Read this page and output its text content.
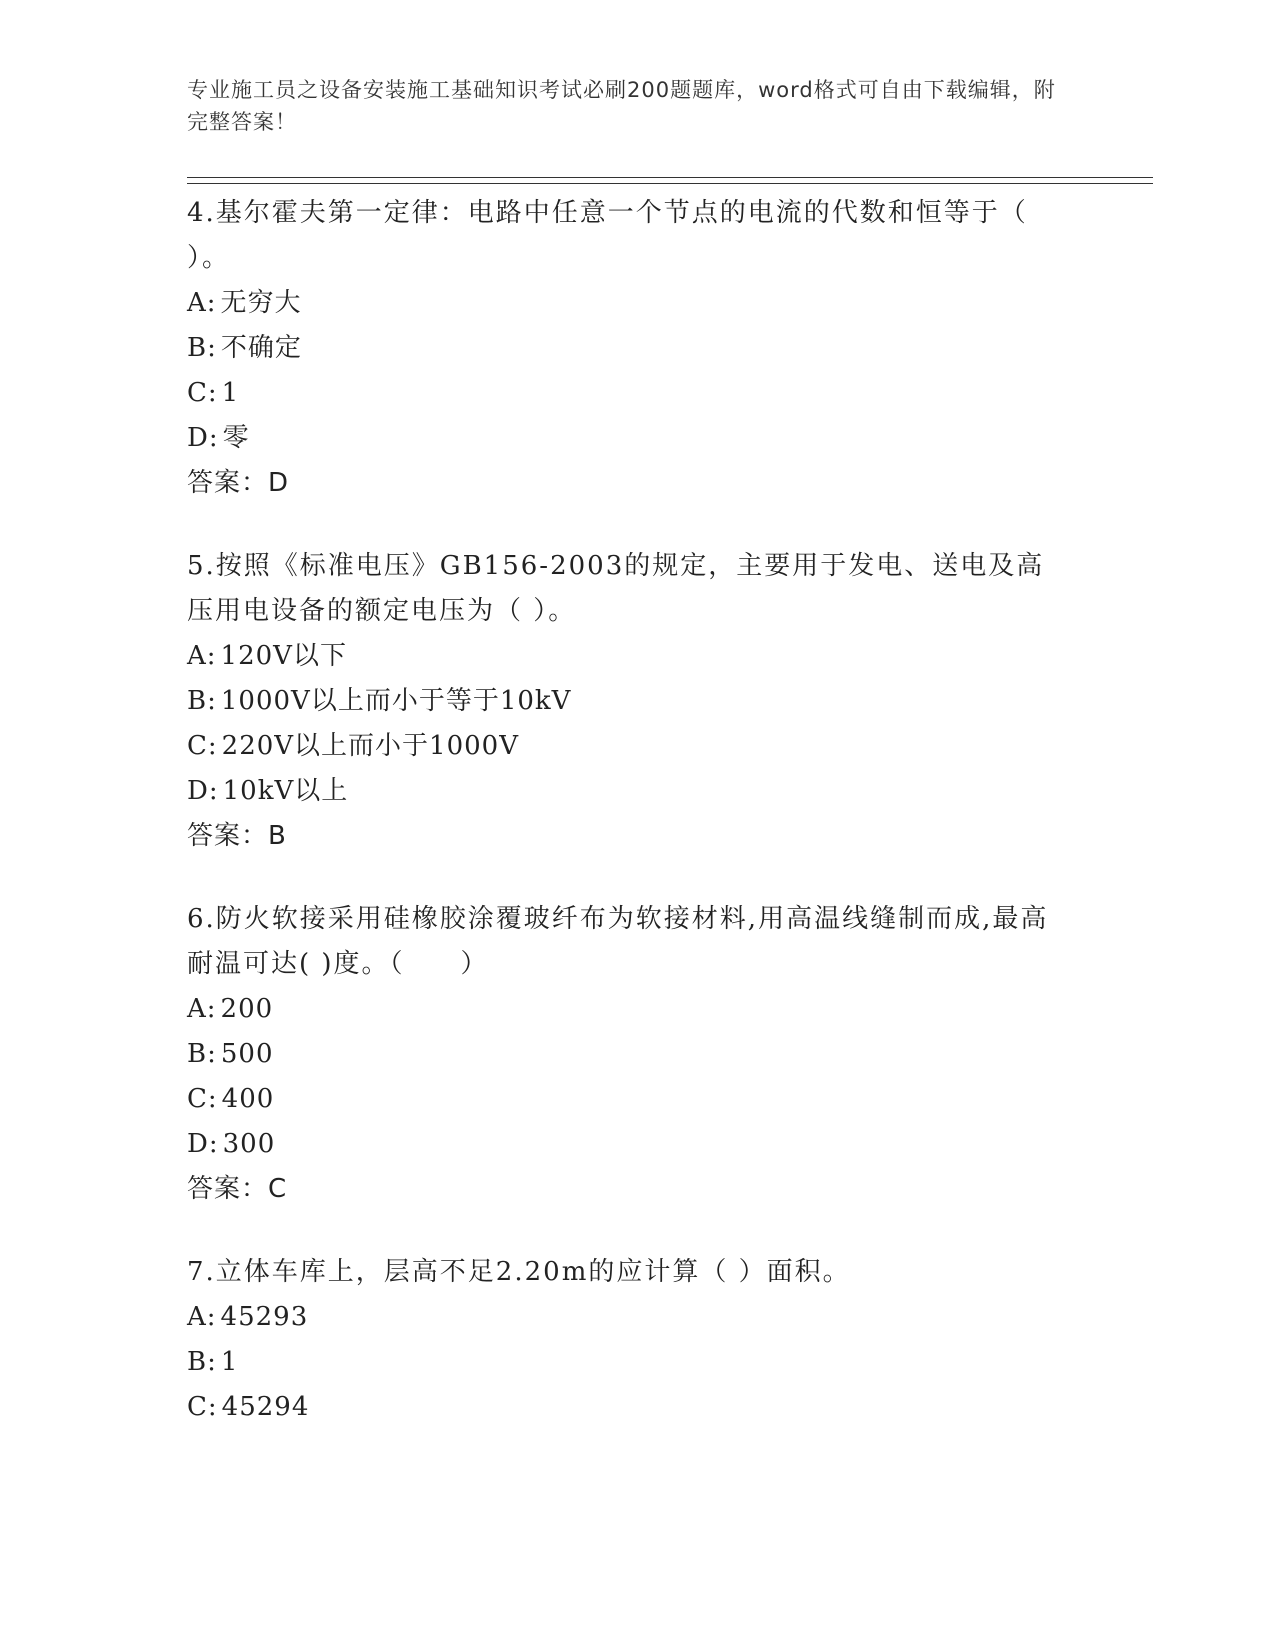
专业施工员之设备安装施工基础知识考试必刷200题题库，word格式可自由下载编辑，附完整答案！

4.基尔霍夫第一定律：电路中任意一个节点的电流的代数和恒等于（ ）。

A: 无穷大

B: 不确定

C: 1

D: 零

答案：D

5.按照《标准电压》GB156-2003的规定，主要用于发电、送电及高压用电设备的额定电压为（ ）。

A: 120V以下

B: 1000V以上而小于等于10kV

C: 220V以上而小于1000V

D: 10kV以上

答案：B

6.防火软接采用硅橡胶涂覆玻纤布为软接材料,用高温线缝制而成,最高耐温可达( )度。（　　）

A: 200

B: 500

C: 400

D: 300

答案：C

7.立体车库上，层高不足2.20m的应计算（ ）面积。

A: 45293

B: 1

C: 45294
